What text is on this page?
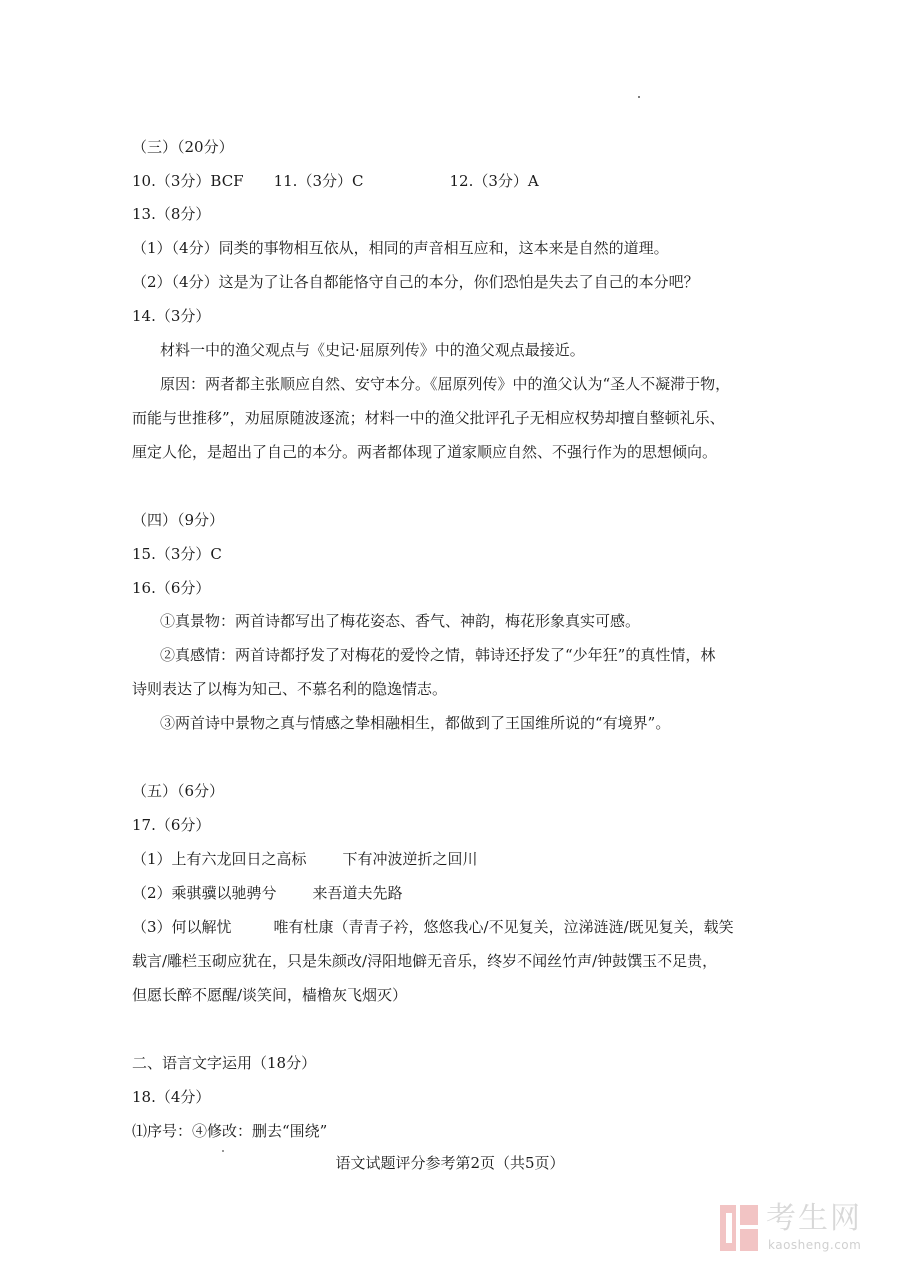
（三）（20分）
10.（3分）BCF 11.（3分）C	12.（3分）A
13.（8分）
（1）（4分）同类的事物相互依从，相同的声音相互应和，这本来是自然的道理。
（2）（4分）这是为了让各自都能恪守自己的本分，你们恐怕是失去了自己的本分吧？
14.（3分）
材料一中的渔父观点与《史记·屈原列传》中的渔父观点最接近。
原因：两者都主张顺应自然、安守本分。《屈原列传》中的渔父认为“圣人不凝滞于物，
而能与世推移”，劝屈原随波逐流；材料一中的渔父批评孔子无相应权势却擅自整顿礼乐、
厘定人伦，是超出了自己的本分。两者都体现了道家顺应自然、不强行作为的思想倾向。
（四）（9分）
15.（3分）C
16.（6分）
①真景物：两首诗都写出了梅花姿态、香气、神韵，梅花形象真实可感。
②真感情：两首诗都抒发了对梅花的爱怜之情，韩诗还抒发了“少年狂”的真性情，林
诗则表达了以梅为知己、不慕名利的隐逸情志。
③两首诗中景物之真与情感之挚相融相生，都做到了王国维所说的“有境界”。
（五）（6分）
17.（6分）
（1）上有六龙回日之高标 下有冲波逆折之回川
（2）乘骐骥以驰骋兮 来吾道夫先路
（3）何以解忧	唯有杜康（青青子衿，悠悠我心/不见复关，泣涕涟涟/既见复关，载笑
载言/雕栏玉砌应犹在，只是朱颜改/浔阳地僻无音乐，终岁不闻丝竹声/钟鼓馔玉不足贵，
但愿长醉不愿醒/谈笑间，樯橹灰飞烟灭）
二、语言文字运用（18分）
18.（4分）
⑴序号：④修改：删去“围绕”
语文试题评分参考第2页（共5页）
考生网
kaosheng.com
